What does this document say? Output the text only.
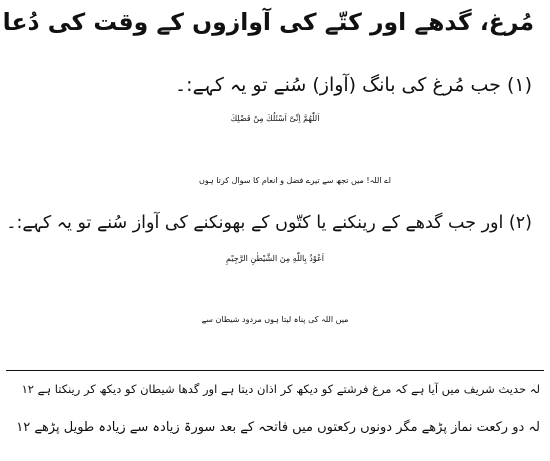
مُرغ، گدھے اور کتّے کی آوازوں کے وقت کی دُعا
(۱) جب مُرغ کی بانگ (آواز) سُنے تو یہ کہے:۔
اَللّٰهُمَّ اِنِّیْٓ اَسْئَلُكَ مِنْ فَضْلِكَ
اے اللہ! میں تجھ سے تیرے فضل و انعام کا سوال کرتا ہوں
(۲) اور جب گدھے کے رینکنے یا کتّوں کے بھونکنے کی آواز سُنے تو یہ کہے:۔
اَعُوْذُ بِاللّٰهِ مِنَ الشَّیْطٰنِ الرَّجِیْمِ
میں اللہ کی پناہ لیتا ہوں مردود شیطان سے
لہ حدیث شریف میں آیا ہے کہ مرغ فرشتے کو دیکھ کر اذان دیتا ہے اور گدھا شیطان کو دیکھ کر رینکتا ہے ۱۲
لہ دو رکعت نماز پڑھے مگر دونوں رکعتوں میں فاتحہ کے بعد سورۃ زیادہ سے زیادہ طویل پڑھے ۱۲
